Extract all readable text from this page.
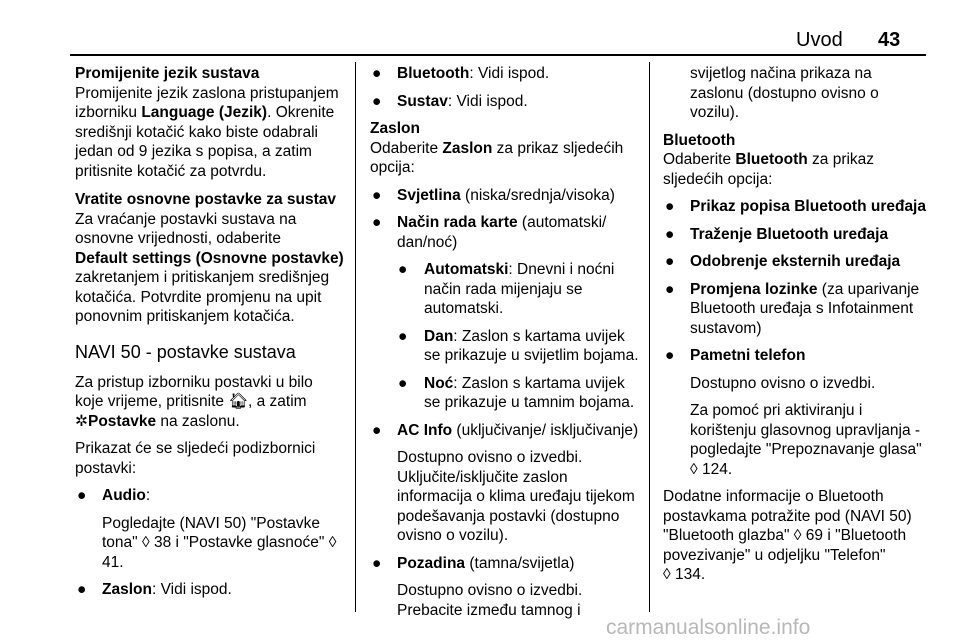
Uvod 43

Promijenite jezik sustava

Promijenite jezik zaslona pristupanjem izborniku Language (Jezik). Okrenite središnji kotačić kako biste odabrali jedan od 9 jezika s popisa, a zatim pritisnite kotačić za potvrdu.

Vratite osnovne postavke za sustav

Za vraćanje postavki sustava na osnovne vrijednosti, odaberite
Default settings (Osnovne postavke)
zakretanjem i pritiskanjem središnjeg kotačića. Potvrdite promjenu na upit ponovnim pritiskanjem kotačića.

NAVI 50 - postavke sustava

Za pristup izborniku postavki u bilo koje vrijeme, pritisnite 🏠︎, a zatim
✲Postavke na zaslonu.

Prikazat će se sljedeći podizbornici postavki:

● Audio:

Pogledajte (NAVI 50) "Postavke tona" ◊ 38 i "Postavke glasnoće" ◊ 41.

● Zaslon: Vidi ispod.
● Bluetooth: Vidi ispod.
● Sustav: Vidi ispod.

Zaslon

Odaberite Zaslon za prikaz sljedećih opcija:

● Svjetlina (niska/srednja/visoka)
● Način rada karte (automatski/ dan/noć)
● Automatski: Dnevni i noćni način rada mijenjaju se automatski.
● Dan: Zaslon s kartama uvijek se prikazuje u svijetlim bojama.
● Noć: Zaslon s kartama uvijek se prikazuje u tamnim bojama.
● AC Info (uključivanje/ isključivanje)

Dostupno ovisno o izvedbi. Uključite/isključite zaslon informacija o klima uređaju tijekom podešavanja postavki (dostupno ovisno o vozilu).

● Pozadina (tamna/svijetla)

Dostupno ovisno o izvedbi. Prebacite između tamnog i

svijetlog načina prikaza na zaslonu (dostupno ovisno o vozilu).

Bluetooth

Odaberite Bluetooth za prikaz sljedećih opcija:

● Prikaz popisa Bluetooth uređaja
● Traženje Bluetooth uređaja
● Odobrenje eksternih uređaja
● Promjena lozinke (za uparivanje Bluetooth uređaja s Infotainment sustavom)
● Pametni telefon

Dostupno ovisno o izvedbi.

Za pomoć pri aktiviranju i korištenju glasovnog upravljanja - pogledajte "Prepoznavanje glasa" ◊ 124.

Dodatne informacije o Bluetooth postavkama potražite pod (NAVI 50) "Bluetooth glazba" ◊ 69 i "Bluetooth povezivanje" u odjeljku "Telefon"
◊ 134.

carmanualsonline.info
